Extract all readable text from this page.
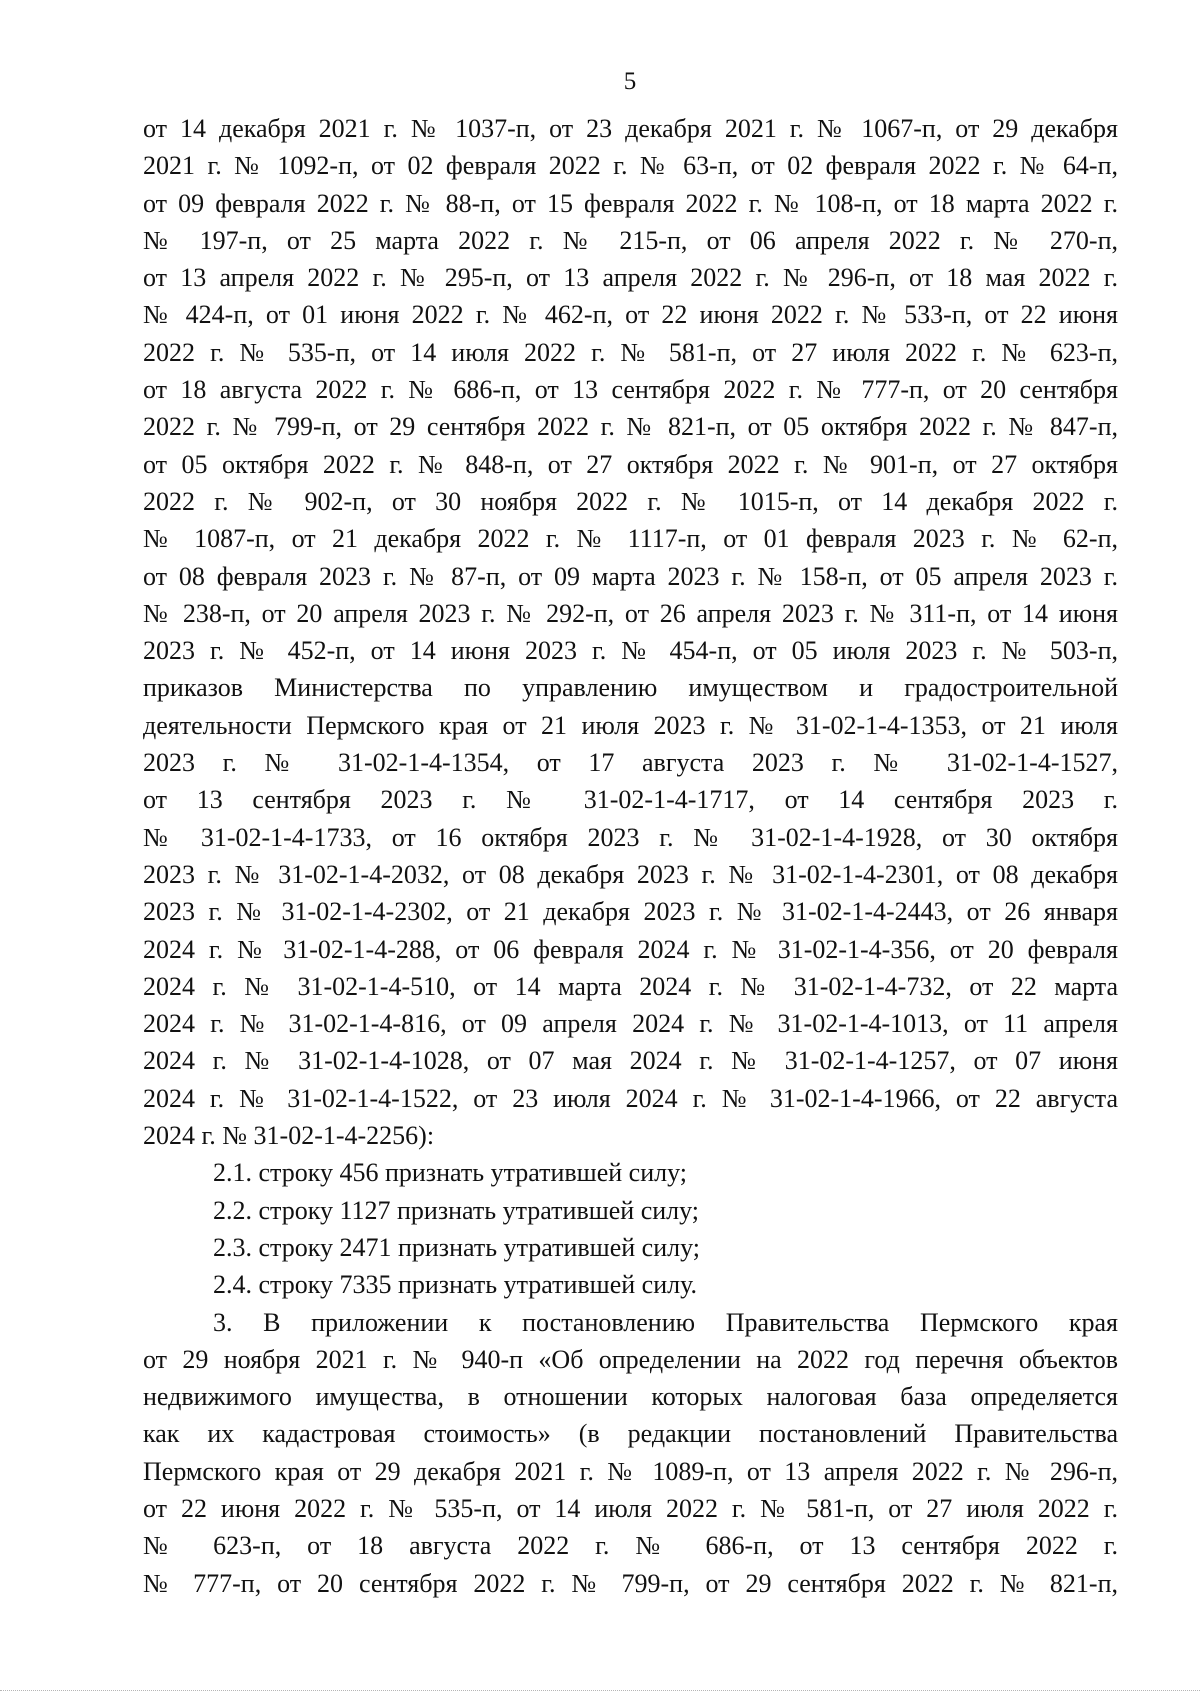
5
от 14 декабря 2021 г. № 1037-п, от 23 декабря 2021 г. № 1067-п, от 29 декабря
2021 г. № 1092-п, от 02 февраля 2022 г. № 63-п, от 02 февраля 2022 г. № 64-п,
от 09 февраля 2022 г. № 88-п, от 15 февраля 2022 г. № 108-п, от 18 марта 2022 г.
№ 197-п, от 25 марта 2022 г. № 215-п, от 06 апреля 2022 г. № 270-п,
от 13 апреля 2022 г. № 295-п, от 13 апреля 2022 г. № 296-п, от 18 мая 2022 г.
№ 424-п, от 01 июня 2022 г. № 462-п, от 22 июня 2022 г. № 533-п, от 22 июня
2022 г. № 535-п, от 14 июля 2022 г. № 581-п, от 27 июля 2022 г. № 623-п,
от 18 августа 2022 г. № 686-п, от 13 сентября 2022 г. № 777-п, от 20 сентября
2022 г. № 799-п, от 29 сентября 2022 г. № 821-п, от 05 октября 2022 г. № 847-п,
от 05 октября 2022 г. № 848-п, от 27 октября 2022 г. № 901-п, от 27 октября
2022 г. № 902-п, от 30 ноября 2022 г. № 1015-п, от 14 декабря 2022 г.
№ 1087-п, от 21 декабря 2022 г. № 1117-п, от 01 февраля 2023 г. № 62-п,
от 08 февраля 2023 г. № 87-п, от 09 марта 2023 г. № 158-п, от 05 апреля 2023 г.
№ 238-п, от 20 апреля 2023 г. № 292-п, от 26 апреля 2023 г. № 311-п, от 14 июня
2023 г. № 452-п, от 14 июня 2023 г. № 454-п, от 05 июля 2023 г. № 503-п,
приказов Министерства по управлению имуществом и градостроительной
деятельности Пермского края от 21 июля 2023 г. № 31-02-1-4-1353, от 21 июля
2023 г. № 31-02-1-4-1354, от 17 августа 2023 г. № 31-02-1-4-1527,
от 13 сентября 2023 г. № 31-02-1-4-1717, от 14 сентября 2023 г.
№ 31-02-1-4-1733, от 16 октября 2023 г. № 31-02-1-4-1928, от 30 октября
2023 г. № 31-02-1-4-2032, от 08 декабря 2023 г. № 31-02-1-4-2301, от 08 декабря
2023 г. № 31-02-1-4-2302, от 21 декабря 2023 г. № 31-02-1-4-2443, от 26 января
2024 г. № 31-02-1-4-288, от 06 февраля 2024 г. № 31-02-1-4-356, от 20 февраля
2024 г. № 31-02-1-4-510, от 14 марта 2024 г. № 31-02-1-4-732, от 22 марта
2024 г. № 31-02-1-4-816, от 09 апреля 2024 г. № 31-02-1-4-1013, от 11 апреля
2024 г. № 31-02-1-4-1028, от 07 мая 2024 г. № 31-02-1-4-1257, от 07 июня
2024 г. № 31-02-1-4-1522, от 23 июля 2024 г. № 31-02-1-4-1966, от 22 августа
2024 г. № 31-02-1-4-2256):
2.1. строку 456 признать утратившей силу;
2.2. строку 1127 признать утратившей силу;
2.3. строку 2471 признать утратившей силу;
2.4. строку 7335 признать утратившей силу.
3. В приложении к постановлению Правительства Пермского края
от 29 ноября 2021 г. № 940-п «Об определении на 2022 год перечня объектов
недвижимого имущества, в отношении которых налоговая база определяется
как их кадастровая стоимость» (в редакции постановлений Правительства
Пермского края от 29 декабря 2021 г. № 1089-п, от 13 апреля 2022 г. № 296-п,
от 22 июня 2022 г. № 535-п, от 14 июля 2022 г. № 581-п, от 27 июля 2022 г.
№ 623-п, от 18 августа 2022 г. № 686-п, от 13 сентября 2022 г.
№ 777-п, от 20 сентября 2022 г. № 799-п, от 29 сентября 2022 г. № 821-п,
